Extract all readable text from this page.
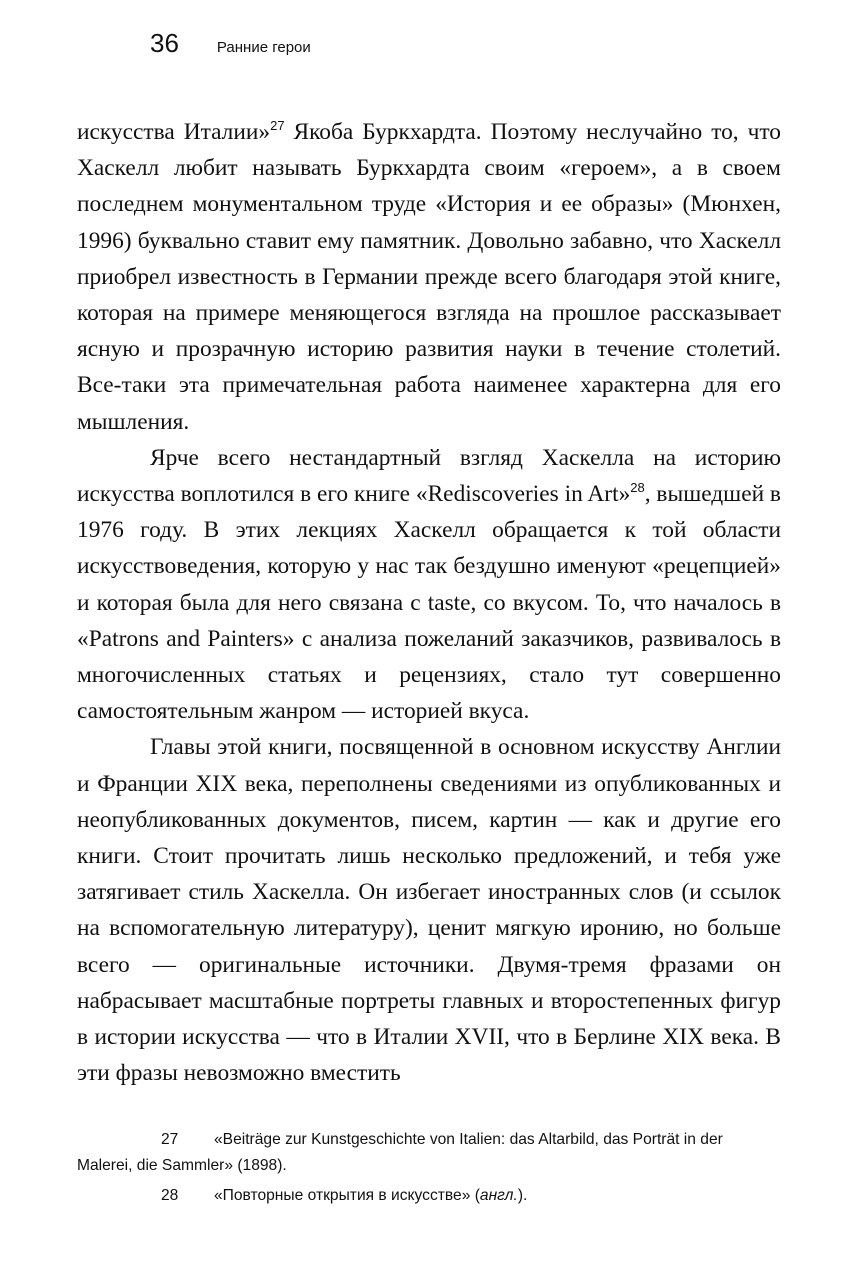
36	Ранние герои

искусства Италии»$^{27}$ Якоба Буркхардта. Поэтому неслучайно то, что Хаскелл любит называть Буркхардта своим «героем», а в своем последнем монументальном труде «История и ее образы» (Мюнхен, 1996) буквально ставит ему памятник. Довольно забавно, что Хаскелл приобрел известность в Германии прежде всего благодаря этой книге, которая на примере меняющегося взгляда на прошлое рассказывает ясную и прозрачную историю развития науки в течение столетий. Все-таки эта примечательная работа наименее характерна для его мышления.

Ярче всего нестандартный взгляд Хаскелла на историю искусства воплотился в его книге «Rediscoveries in Art»$^{28}$, вышедшей в 1976 году. В этих лекциях Хаскелл обращается к той области искусствоведения, которую у нас так бездушно именуют «рецепцией» и которая была для него связана с taste, со вкусом. То, что началось в «Patrons and Painters» с анализа пожеланий заказчиков, развивалось в многочисленных статьях и рецензиях, стало тут совершенно самостоятельным жанром — историей вкуса.

Главы этой книги, посвященной в основном искусству Англии и Франции XIX века, переполнены сведениями из опубликованных и неопубликованных документов, писем, картин — как и другие его книги. Стоит прочитать лишь несколько предложений, и тебя уже затягивает стиль Хаскелла. Он избегает иностранных слов (и ссылок на вспомогательную литературу), ценит мягкую иронию, но больше всего — оригинальные источники. Двумя-тремя фразами он набрасывает масштабные портреты главных и второстепенных фигур в истории искусства — что в Италии XVII, что в Берлине XIX века. В эти фразы невозможно вместить

27 «Beiträge zur Kunstgeschichte von Italien: das Altarbild, das Porträt in der Malerei, die Sammler» (1898).

28 «Повторные открытия в искусстве» (англ.).
